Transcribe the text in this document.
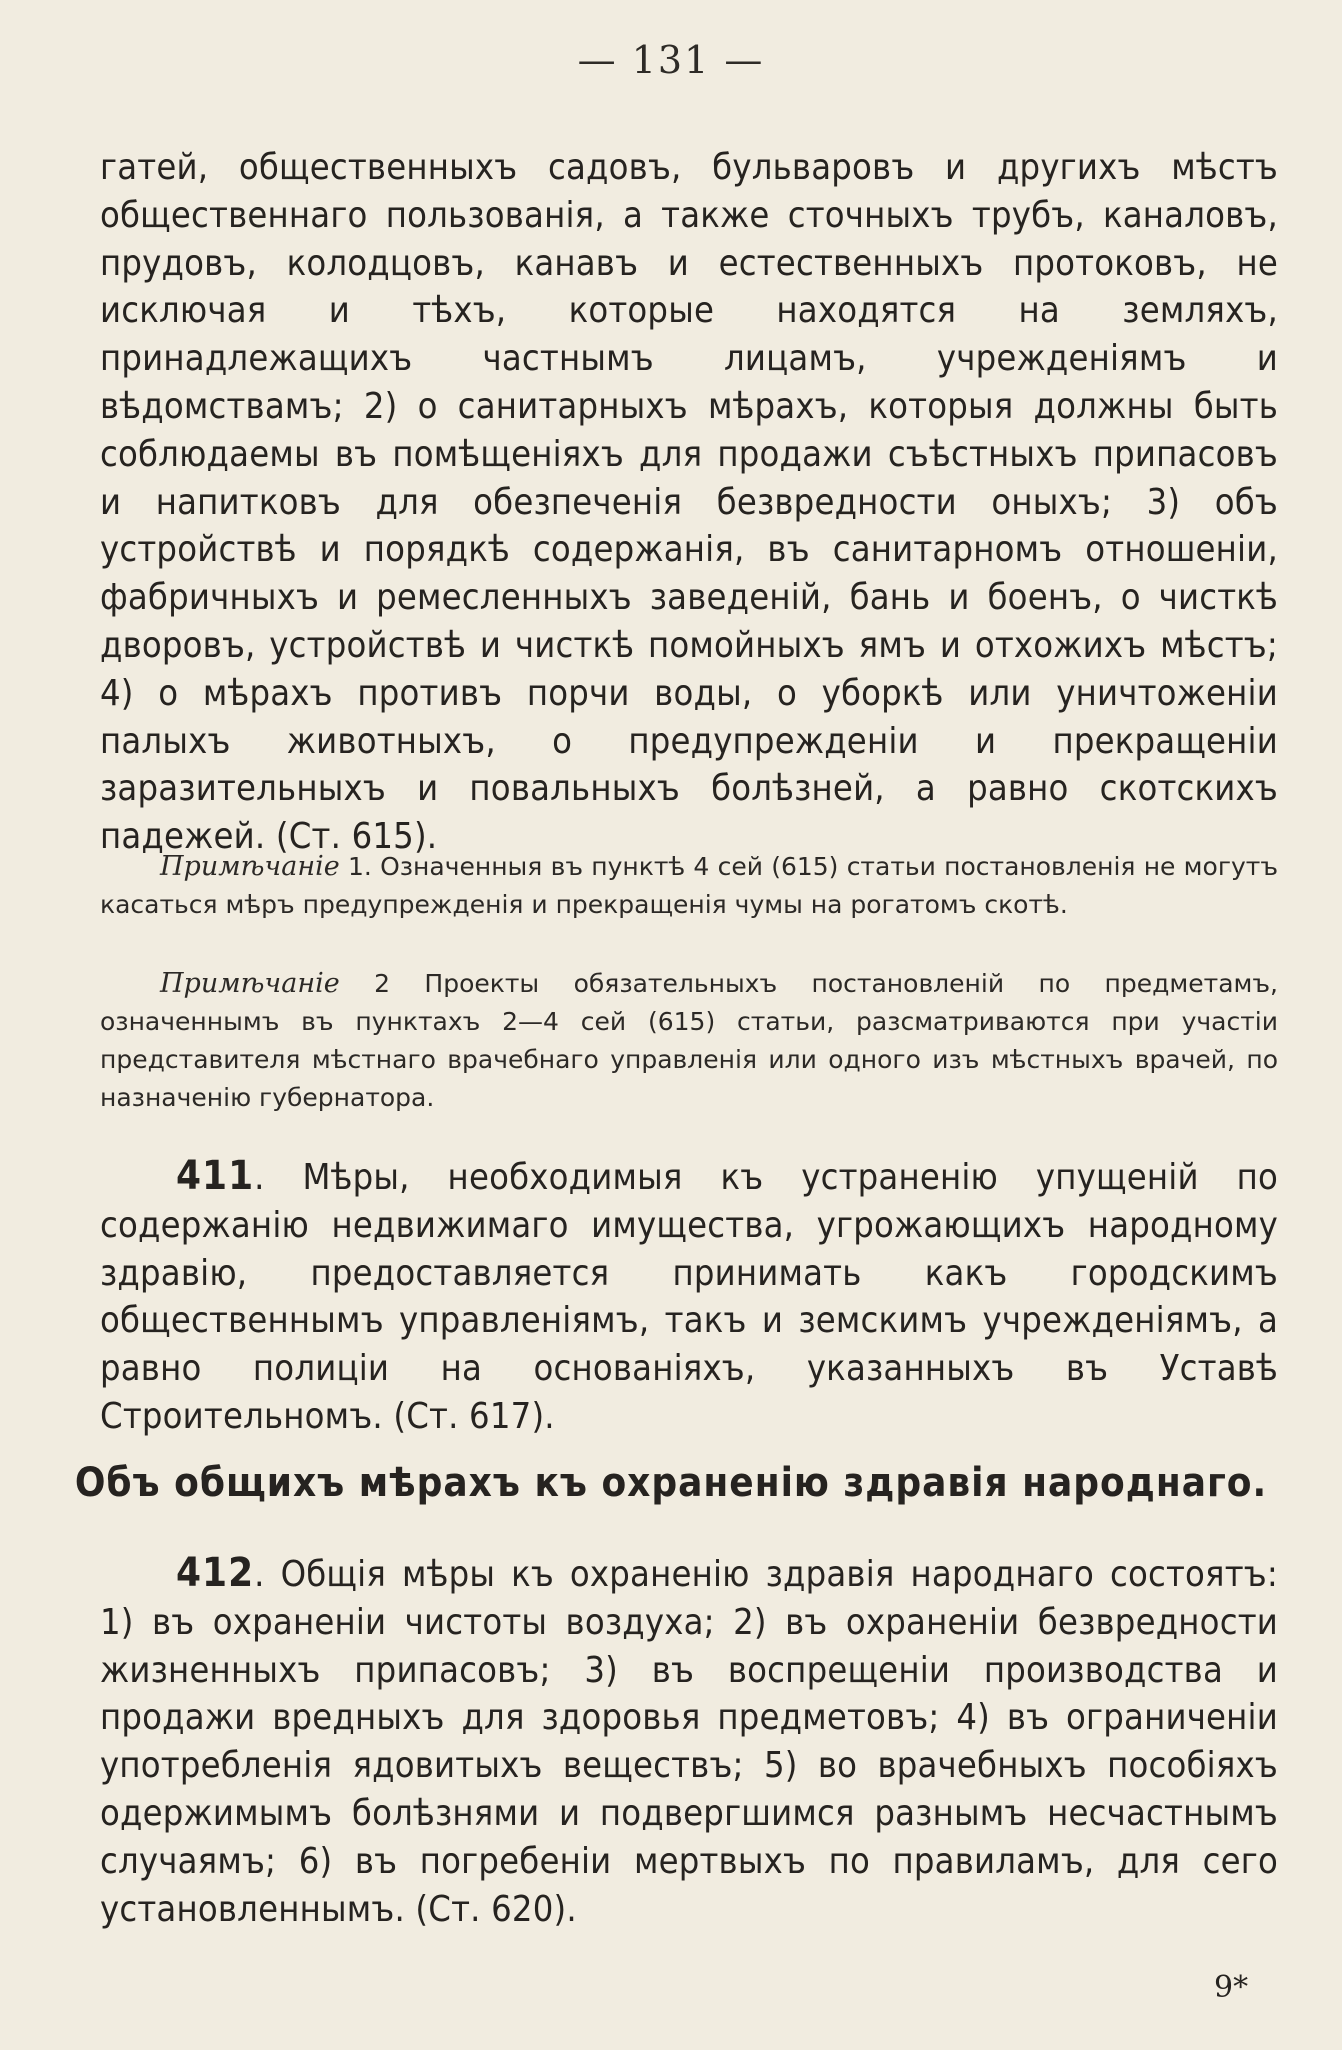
— 131 —

гатей, общественныхъ садовъ, бульваровъ и другихъ мѣстъ общественнаго пользованія, а также сточныхъ трубъ, каналовъ, прудовъ, колодцовъ, канавъ и естественныхъ протоковъ, не исключая и тѣхъ, которые находятся на земляхъ, принадлежащихъ частнымъ лицамъ, учрежденіямъ и вѣдомствамъ; 2) о санитарныхъ мѣрахъ, которыя должны быть соблюдаемы въ помѣщеніяхъ для продажи съѣстныхъ припасовъ и напитковъ для обезпеченія безвредности оныхъ; 3) объ устройствѣ и порядкѣ содержанія, въ санитарномъ отношеніи, фабричныхъ и ремесленныхъ заведеній, бань и боенъ, о чисткѣ дворовъ, устройствѣ и чисткѣ помойныхъ ямъ и отхожихъ мѣстъ; 4) о мѣрахъ противъ порчи воды, о уборкѣ или уничтоженіи палыхъ животныхъ, о предупрежденіи и прекращеніи заразительныхъ и повальныхъ болѣзней, а равно скотскихъ падежей. (Ст. 615).

Примѣчаніе 1. Означенныя въ пунктѣ 4 сей (615) статьи постановленія не могутъ касаться мѣръ предупрежденія и прекращенія чумы на рогатомъ скотѣ.

Примѣчаніе 2 Проекты обязательныхъ постановленій по предметамъ, означеннымъ въ пунктахъ 2—4 сей (615) статьи, разсматриваются при участіи представителя мѣстнаго врачебнаго управленія или одного изъ мѣстныхъ врачей, по назначенію губернатора.

411. Мѣры, необходимыя къ устраненію упущеній по содержанію недвижимаго имущества, угрожающихъ народному здравію, предоставляется принимать какъ городскимъ общественнымъ управленіямъ, такъ и земскимъ учрежденіямъ, а равно полиціи на основаніяхъ, указанныхъ въ Уставѣ Строительномъ. (Ст. 617).

Объ общихъ мѣрахъ къ охраненію здравія народнаго.

412. Общія мѣры къ охраненію здравія народнаго состоятъ: 1) въ охраненіи чистоты воздуха; 2) въ охраненіи безвредности жизненныхъ припасовъ; 3) въ воспрещеніи производства и продажи вредныхъ для здоровья предметовъ; 4) въ ограниченіи употребленія ядовитыхъ веществъ; 5) во врачебныхъ пособіяхъ одержимымъ болѣзнями и подвергшимся разнымъ несчастнымъ случаямъ; 6) въ погребеніи мертвыхъ по правиламъ, для сего установленнымъ. (Ст. 620).

9*
